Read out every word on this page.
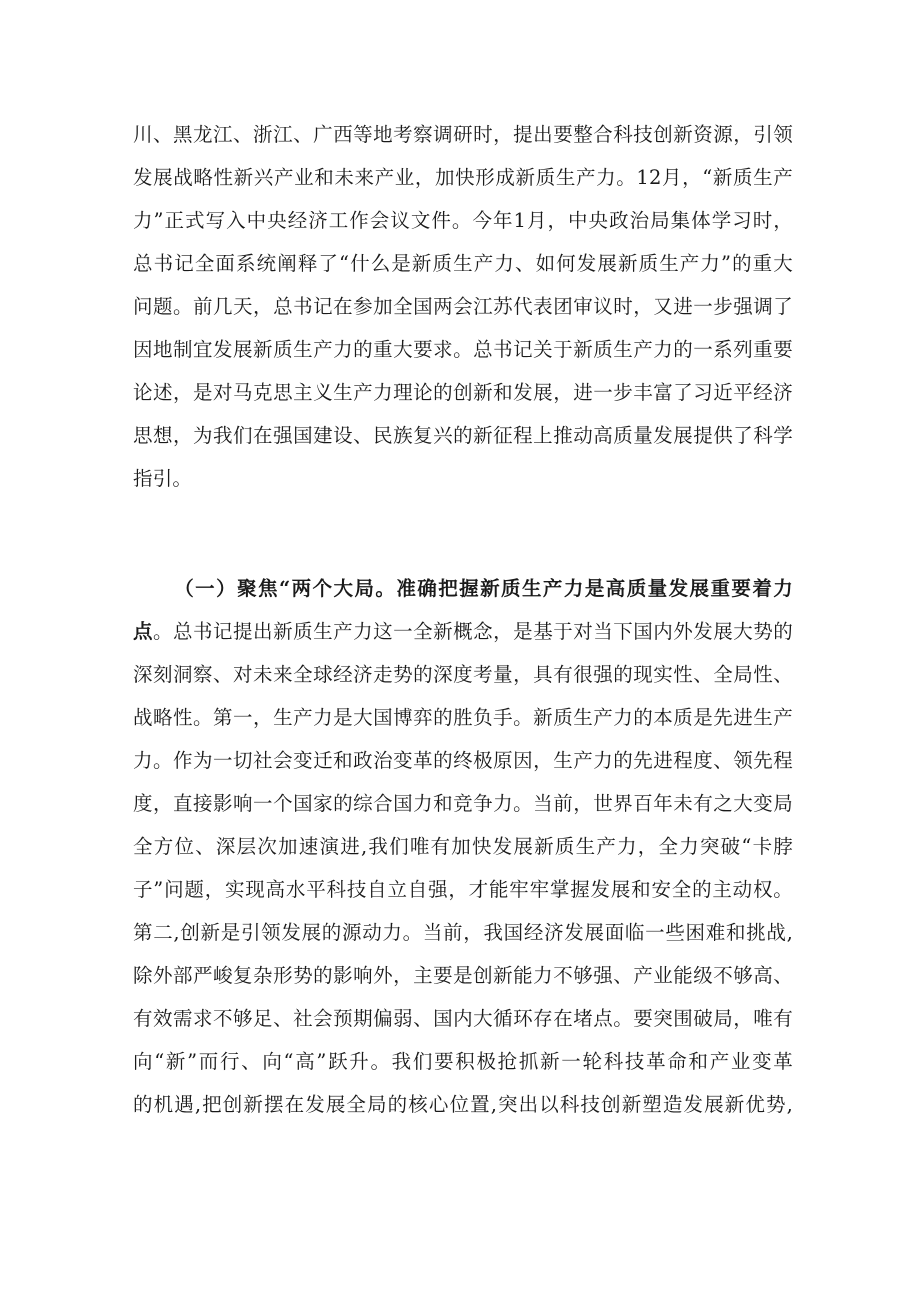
川、黑龙江、浙江、广西等地考察调研时，提出要整合科技创新资源，引领
发展战略性新兴产业和未来产业，加快形成新质生产力。12月，“新质生产
力”正式写入中央经济工作会议文件。今年1月，中央政治局集体学习时，
总书记全面系统阐释了“什么是新质生产力、如何发展新质生产力”的重大
问题。前几天，总书记在参加全国两会江苏代表团审议时，又进一步强调了
因地制宜发展新质生产力的重大要求。总书记关于新质生产力的一系列重要
论述，是对马克思主义生产力理论的创新和发展，进一步丰富了习近平经济
思想，为我们在强国建设、民族复兴的新征程上推动高质量发展提供了科学
指引。
（一）聚焦“两个大局。准确把握新质生产力是高质量发展重要着力
点。总书记提出新质生产力这一全新概念，是基于对当下国内外发展大势的
深刻洞察、对未来全球经济走势的深度考量，具有很强的现实性、全局性、
战略性。第一，生产力是大国博弈的胜负手。新质生产力的本质是先进生产
力。作为一切社会变迁和政治变革的终极原因，生产力的先进程度、领先程
度，直接影响一个国家的综合国力和竞争力。当前，世界百年未有之大变局
全方位、深层次加速演进,我们唯有加快发展新质生产力，全力突破“卡脖
子”问题，实现高水平科技自立自强，才能牢牢掌握发展和安全的主动权。
第二,创新是引领发展的源动力。当前，我国经济发展面临一些困难和挑战,
除外部严峻复杂形势的影响外，主要是创新能力不够强、产业能级不够高、
有效需求不够足、社会预期偏弱、国内大循环存在堵点。要突围破局，唯有
向“新”而行、向“高”跃升。我们要积极抢抓新一轮科技革命和产业变革
的机遇,把创新摆在发展全局的核心位置,突出以科技创新塑造发展新优势,
